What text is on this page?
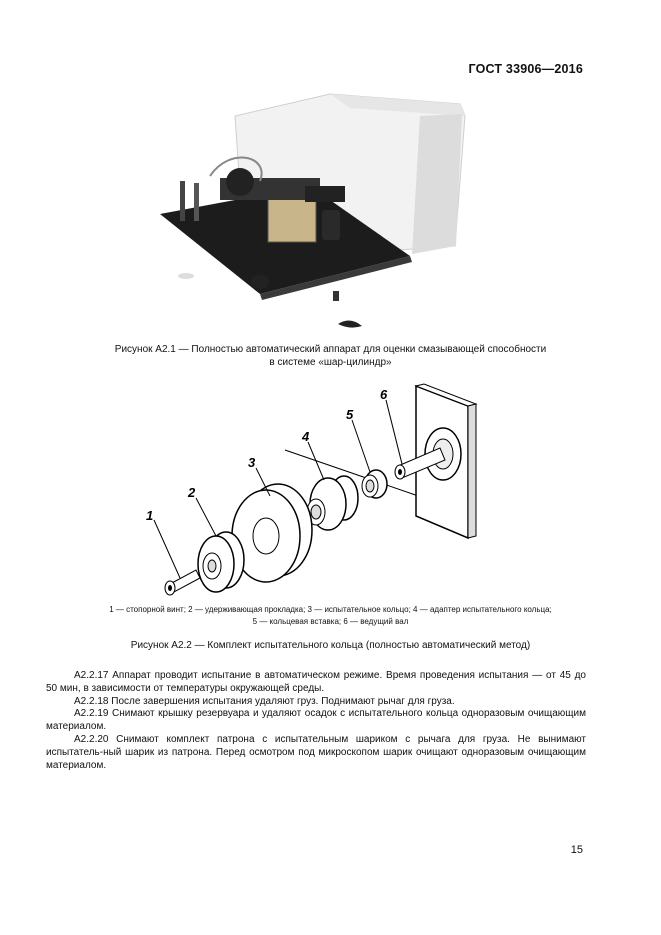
ГОСТ 33906—2016
Рисунок А2.1 — Полностью автоматический аппарат для оценки смазывающей способности
в системе «шар-цилиндр»
1
2
3
4
5
6
1 — стопорной винт; 2 — удерживающая прокладка; 3 — испытательное кольцо; 4 — адаптер испытательного кольца;
5 — кольцевая вставка; 6 — ведущий вал
Рисунок А2.2 — Комплект испытательного кольца (полностью автоматический метод)

А2.2.17 Аппарат проводит испытание в автоматическом режиме. Время проведения испытания — от 45 до 50 мин, в зависимости от температуры окружающей среды.

А2.2.18 После завершения испытания удаляют груз. Поднимают рычаг для груза.

А2.2.19 Снимают крышку резервуара и удаляют осадок с испытательного кольца одноразовым очищающим материалом.

А2.2.20 Снимают комплект патрона с испытательным шариком с рычага для груза. Не вынимают испытатель-ный шарик из патрона. Перед осмотром под микроскопом шарик очищают одноразовым очищающим материалом.

15
